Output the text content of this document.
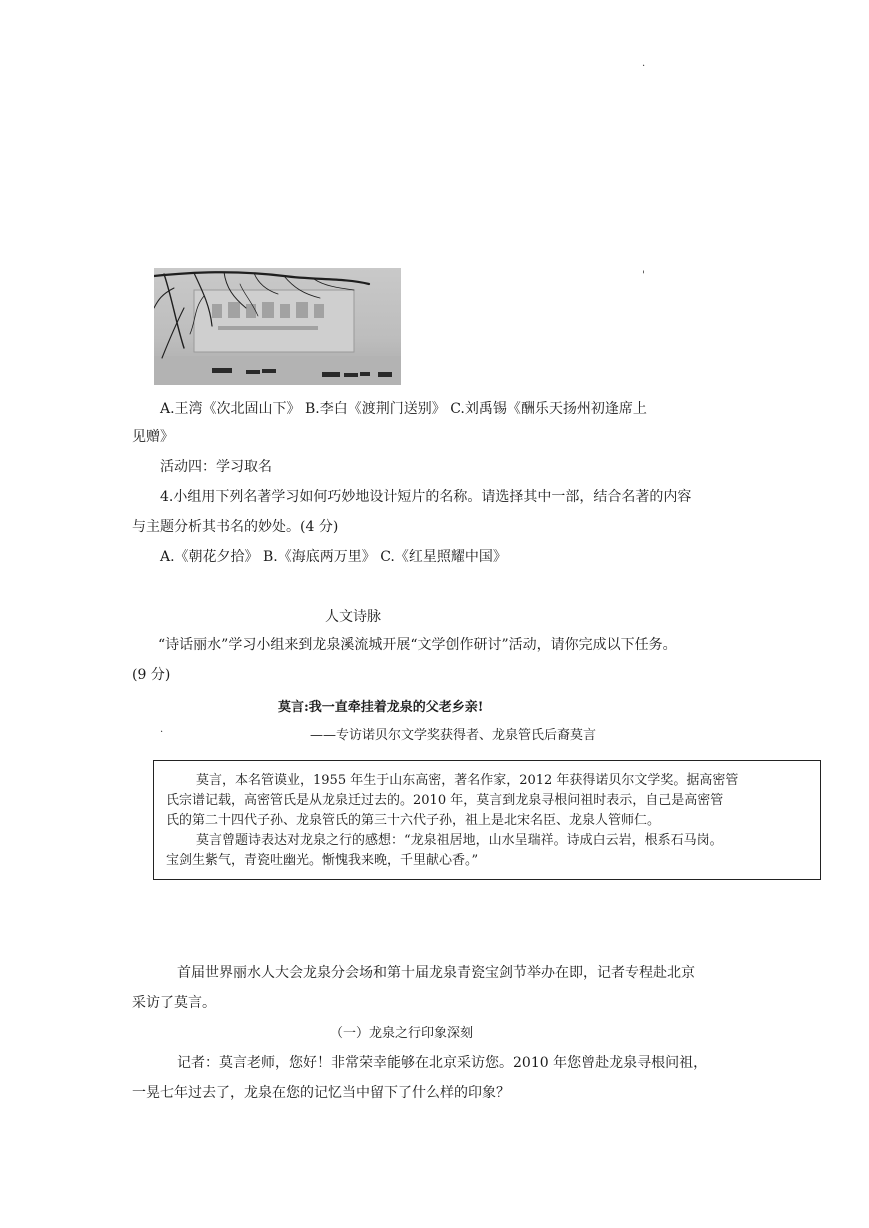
.
'
A.王湾《次北固山下》 B.李白《渡荆门送别》 C.刘禹锡《酬乐天扬州初逢席上
见赠》
活动四：学习取名
4.小组用下列名著学习如何巧妙地设计短片的名称。请选择其中一部，结合名著的内容
与主题分析其书名的妙处。(4 分)
A.《朝花夕拾》 B.《海底两万里》 C.《红星照耀中国》
人文诗脉
“诗话丽水”学习小组来到龙泉溪流城开展“文学创作研讨”活动，请你完成以下任务。
(9 分)
莫言:我一直牵挂着龙泉的父老乡亲!
.	——专访诺贝尔文学奖获得者、龙泉管氏后裔莫言
莫言，本名管谟业，1955 年生于山东高密，著名作家，2012 年获得诺贝尔文学奖。据高密管
氏宗谱记载，高密管氏是从龙泉迁过去的。2010 年，莫言到龙泉寻根问祖时表示，自己是高密管
氏的第二十四代子孙、龙泉管氏的第三十六代子孙，祖上是北宋名臣、龙泉人管师仁。
莫言曾题诗表达对龙泉之行的感想：“龙泉祖居地，山水呈瑞祥。诗成白云岩，根系石马岗。
宝剑生紫气，青瓷吐幽光。惭愧我来晚，千里献心香。”
首届世界丽水人大会龙泉分会场和第十届龙泉青瓷宝剑节举办在即，记者专程赴北京
采访了莫言。
（一）龙泉之行印象深刻
记者：莫言老师，您好！非常荣幸能够在北京采访您。2010 年您曾赴龙泉寻根问祖，
一晃七年过去了，龙泉在您的记忆当中留下了什么样的印象？
